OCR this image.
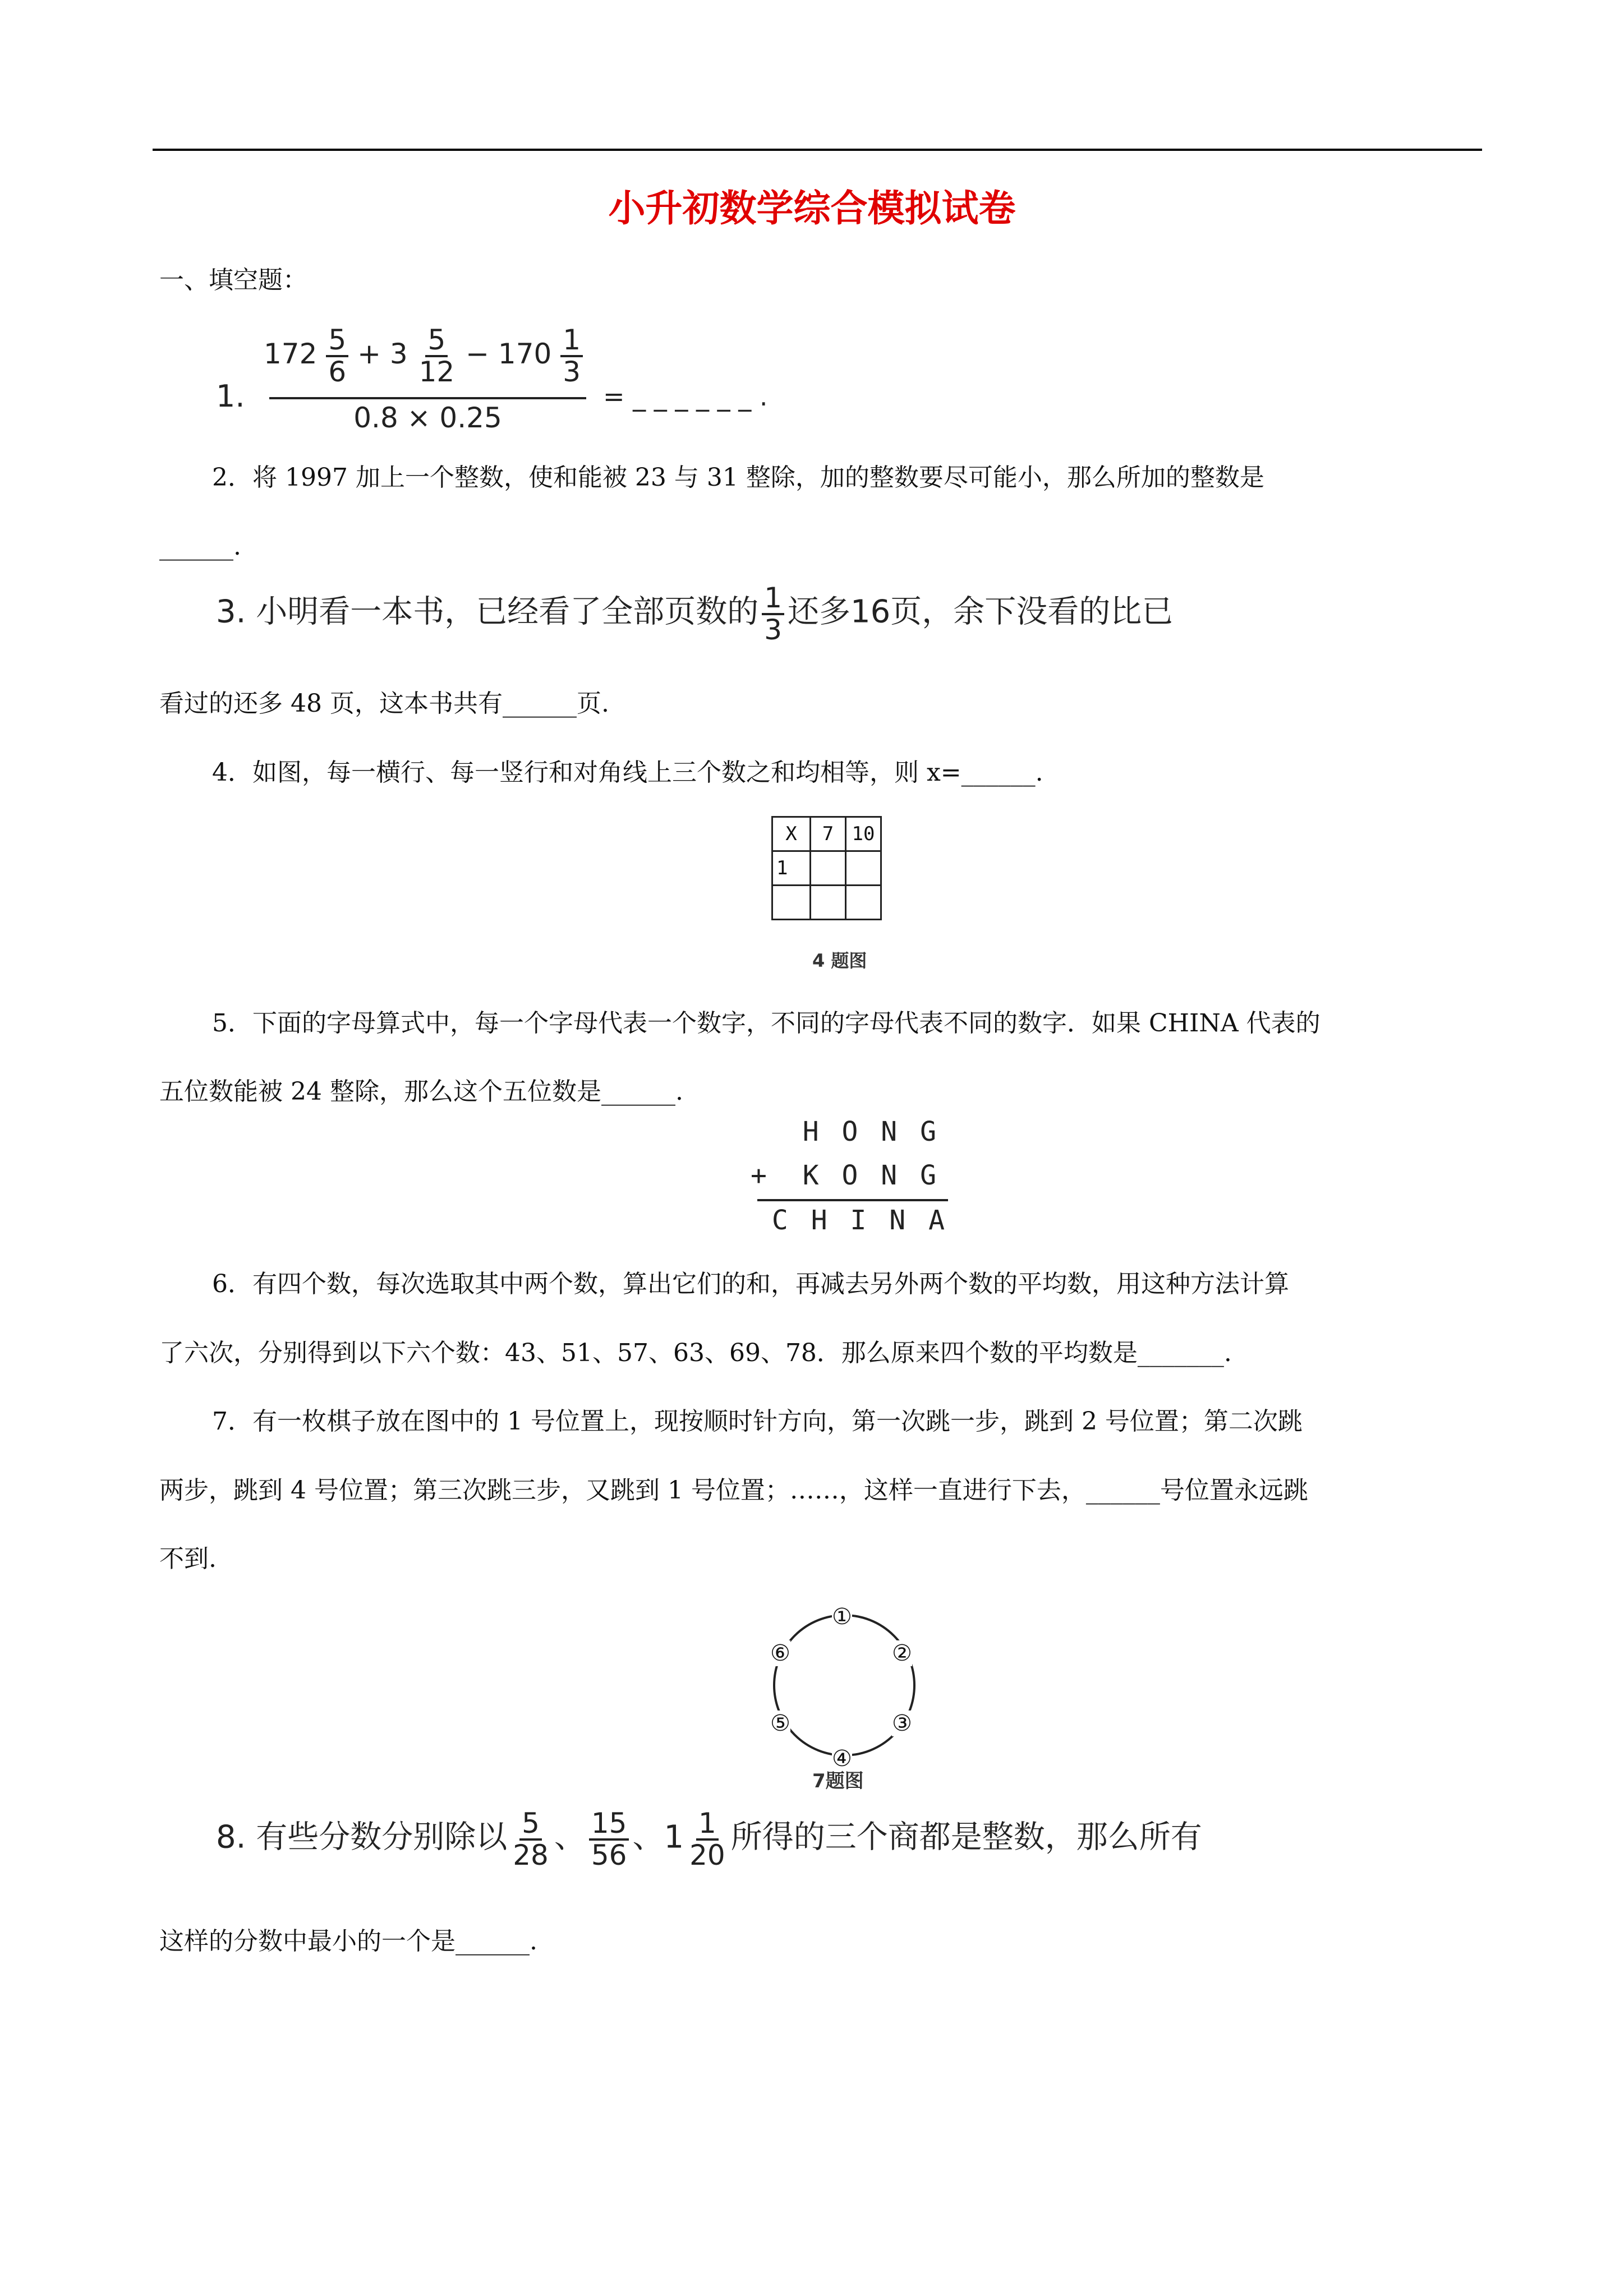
小升初数学综合模拟试卷
一、填空题：
1.
$172 \frac{5}{6} + 3 \frac{5}{12} - 170 \frac{1}{3}$
0.8 × 0.25
= _ _ _ _ _ _ .
2．将 1997 加上一个整数，使和能被 23 与 31 整除，加的整数要尽可能小，那么所加的整数是
______.
3. 小明看一本书，已经看了全部页数的 $\frac{1}{3}$ 还多16页，余下没看的比已
看过的还多 48 页，这本书共有______页.
4．如图，每一横行、每一竖行和对角线上三个数之和均相等，则 x=______.
X	7	10
1		

4 题图
5．下面的字母算式中，每一个字母代表一个数字，不同的字母代表不同的数字．如果 CHINA 代表的
五位数能被 24 整除，那么这个五位数是______.
H O N G
+ K O N G
C H I N A
6．有四个数，每次选取其中两个数，算出它们的和，再减去另外两个数的平均数，用这种方法计算
了六次，分别得到以下六个数：43、51、57、63、69、78．那么原来四个数的平均数是_______.
7．有一枚棋子放在图中的 1 号位置上，现按顺时针方向，第一次跳一步，跳到 2 号位置；第二次跳
两步，跳到 4 号位置；第三次跳三步，又跳到 1 号位置；……，这样一直进行下去，______号位置永远跳
不到.
①
②
③
④
⑤
⑥
7题图
8. 有些分数分别除以 $\frac{5}{28}$ 、 $\frac{15}{56}$ 、$1 \frac{1}{20}$ 所得的三个商都是整数，那么所有
这样的分数中最小的一个是______.
